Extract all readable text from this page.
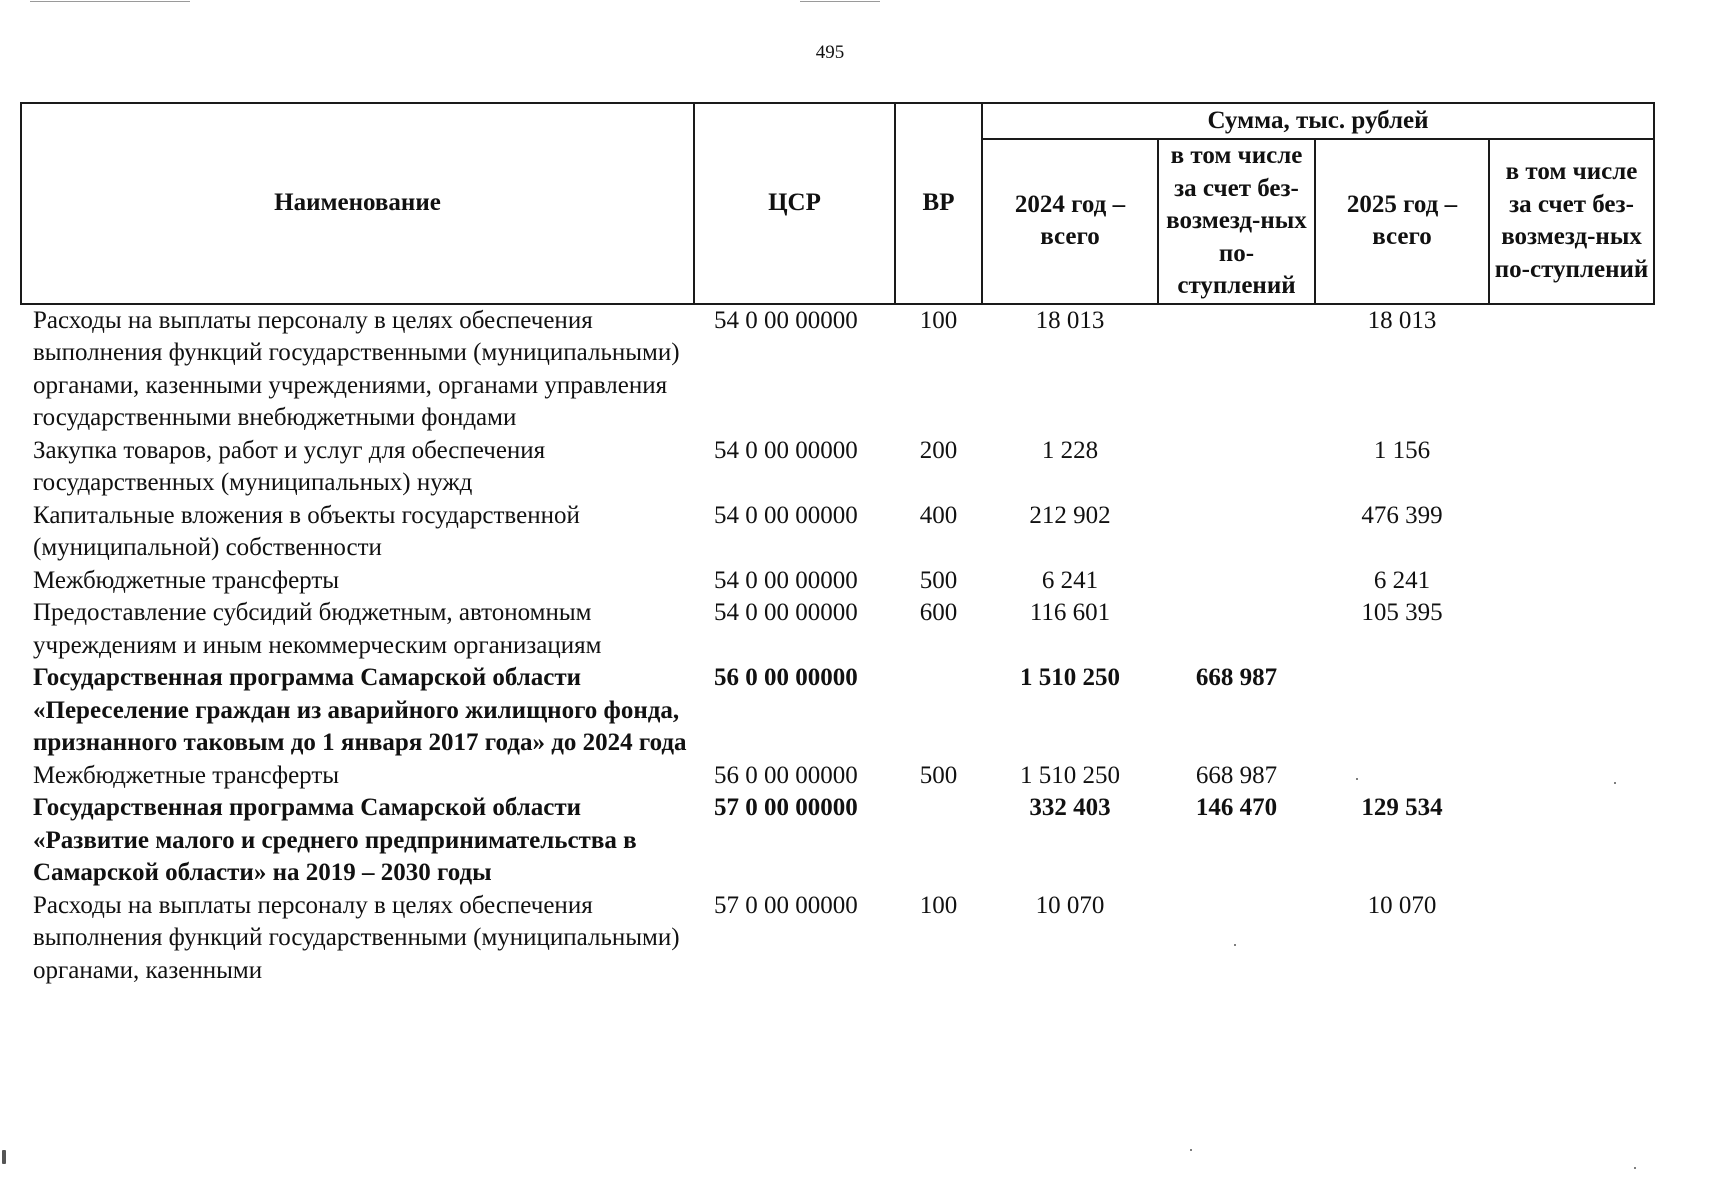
495
Наименование	ЦСР	ВР	Сумма, тыс. рублей			
			2024 год – всего	в том числе за счет без-возмезд-ных по-ступлений	2025 год – всего	в том числе за счет без-возмезд-ных по-ступлений
Расходы на выплаты персоналу в целях обеспечения выполнения функций государственными (муниципальными) органами, казенными учреждениями, органами управления государственными внебюджетными фондами	54 0 00 00000	100	18 013		18 013	
Закупка товаров, работ и услуг для обеспечения государственных (муниципальных) нужд	54 0 00 00000	200	1 228		1 156	
Капитальные вложения в объекты государственной (муниципальной) собственности	54 0 00 00000	400	212 902		476 399	
Межбюджетные трансферты	54 0 00 00000	500	6 241		6 241	
Предоставление субсидий бюджетным, автономным учреждениям и иным некоммерческим организациям	54 0 00 00000	600	116 601		105 395	
Государственная программа Самарской области «Переселение граждан из аварийного жилищного фонда, признанного таковым до 1 января 2017 года» до 2024 года	56 0 00 00000		1 510 250	668 987		
Межбюджетные трансферты	56 0 00 00000	500	1 510 250	668 987		
Государственная программа Самарской области «Развитие малого и среднего предпринимательства в Самарской области» на 2019 – 2030 годы	57 0 00 00000		332 403	146 470	129 534	
Расходы на выплаты персоналу в целях обеспечения выполнения функций государственными (муниципальными) органами, казенными	57 0 00 00000	100	10 070		10 070	
